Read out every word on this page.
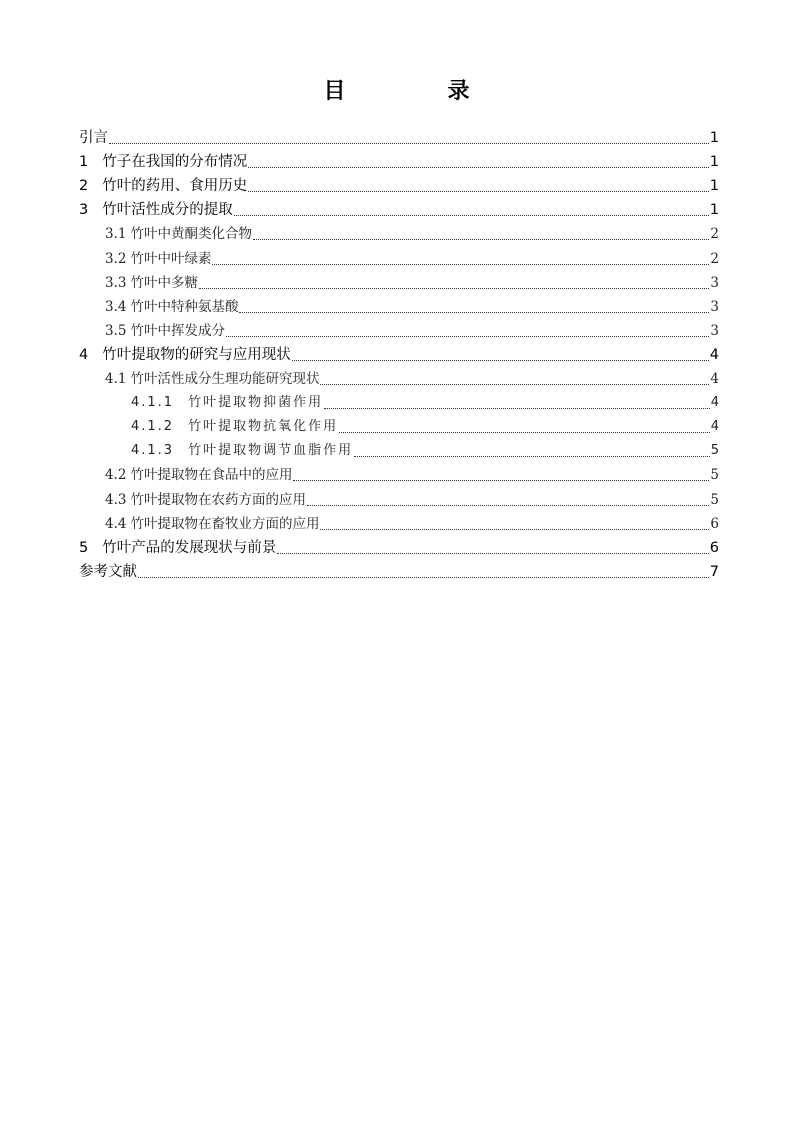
目　录
引言	1
1 竹子在我国的分布情况	1
2 竹叶的药用、食用历史	1
3 竹叶活性成分的提取	1
3.1 竹叶中黄酮类化合物	2
3.2 竹叶中叶绿素	2
3.3 竹叶中多糖	3
3.4 竹叶中特种氨基酸	3
3.5 竹叶中挥发成分	3
4 竹叶提取物的研究与应用现状	4
4.1 竹叶活性成分生理功能研究现状	4
4.1.1 竹叶提取物抑菌作用	4
4.1.2 竹叶提取物抗氧化作用	4
4.1.3 竹叶提取物调节血脂作用	5
4.2 竹叶提取物在食品中的应用	5
4.3 竹叶提取物在农药方面的应用	5
4.4 竹叶提取物在畜牧业方面的应用	6
5 竹叶产品的发展现状与前景	6
参考文献	7
